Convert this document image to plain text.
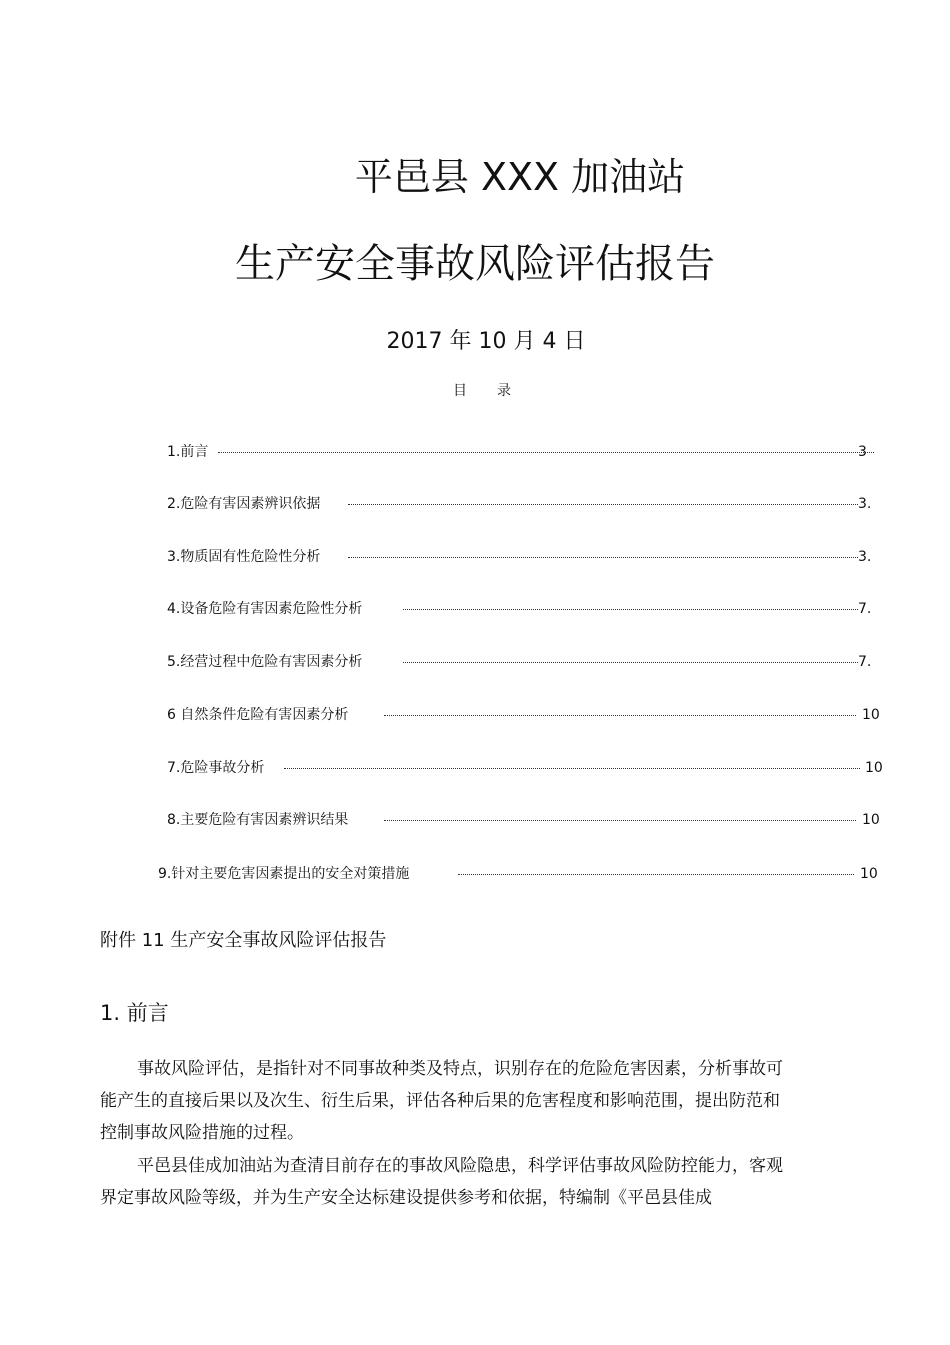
平邑县 XXX 加油站
生产安全事故风险评估报告
2017 年 10 月 4 日
目录
1.前言	3
2.危险有害因素辨识依据	3.
3.物质固有性危险性分析	3.
4.设备危险有害因素危险性分析	7.
5.经营过程中危险有害因素分析	7.
6 自然条件危险有害因素分析	10
7.危险事故分析	10
8.主要危险有害因素辨识结果	10
9.针对主要危害因素提出的安全对策措施	10
附件 11 生产安全事故风险评估报告
1. 前言
事故风险评估，是指针对不同事故种类及特点，识别存在的危险危害因素，分析事故可能产生的直接后果以及次生、衍生后果，评估各种后果的危害程度和影响范围，提出防范和控制事故风险措施的过程。
平邑县佳成加油站为查清目前存在的事故风险隐患，科学评估事故风险防控能力，客观界定事故风险等级，并为生产安全达标建设提供参考和依据，特编制《平邑县佳成
